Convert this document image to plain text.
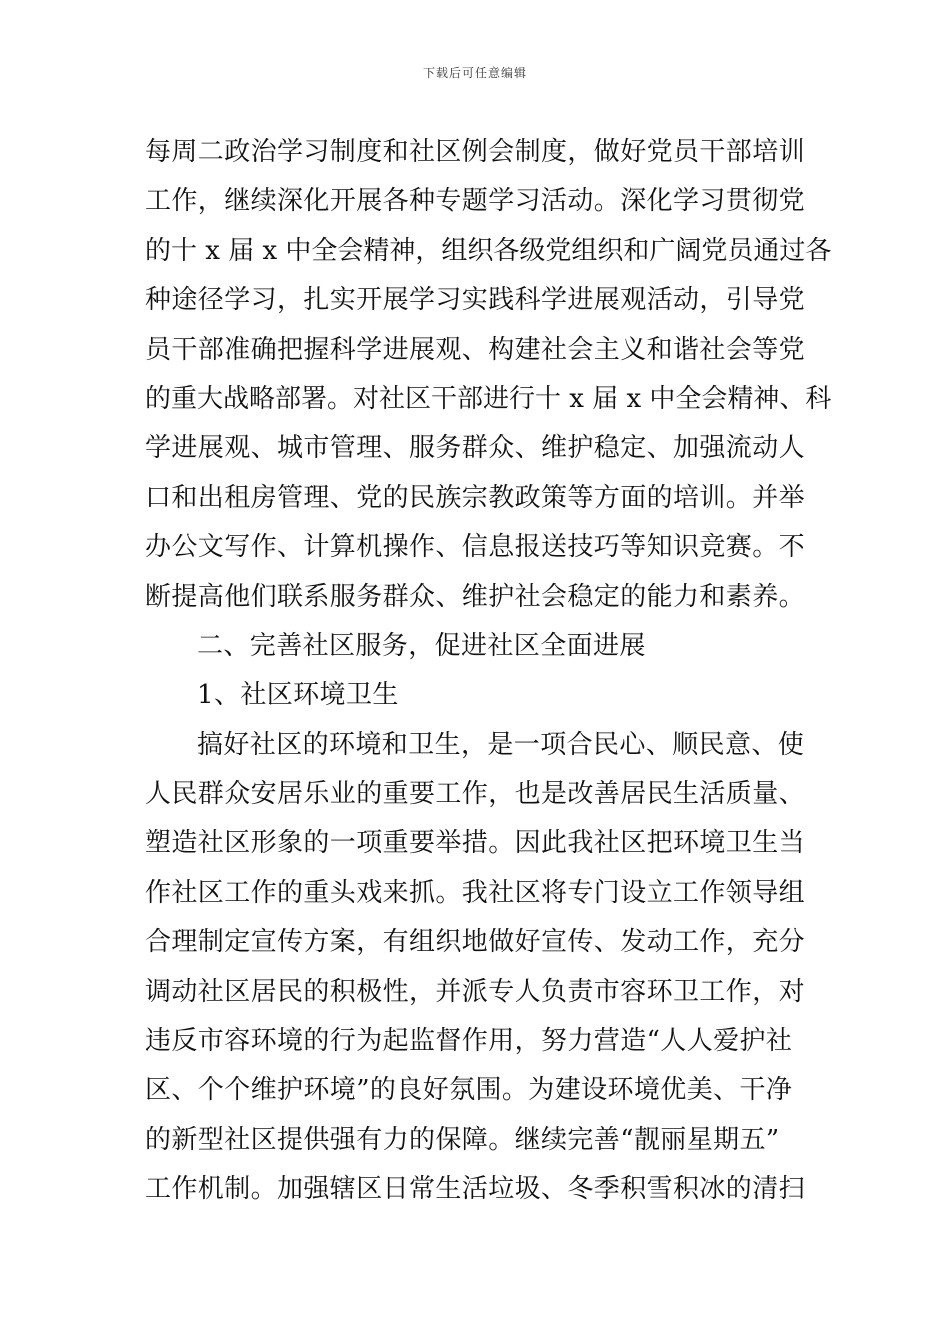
下载后可任意编辑
每周二政治学习制度和社区例会制度，做好党员干部培训
工作，继续深化开展各种专题学习活动。深化学习贯彻党
的十 x 届 x 中全会精神，组织各级党组织和广阔党员通过各
种途径学习，扎实开展学习实践科学进展观活动，引导党
员干部准确把握科学进展观、构建社会主义和谐社会等党
的重大战略部署。对社区干部进行十 x 届 x 中全会精神、科
学进展观、城市管理、服务群众、维护稳定、加强流动人
口和出租房管理、党的民族宗教政策等方面的培训。并举
办公文写作、计算机操作、信息报送技巧等知识竞赛。不
断提高他们联系服务群众、维护社会稳定的能力和素养。
二、完善社区服务，促进社区全面进展
1、社区环境卫生
搞好社区的环境和卫生，是一项合民心、顺民意、使
人民群众安居乐业的重要工作，也是改善居民生活质量、
塑造社区形象的一项重要举措。因此我社区把环境卫生当
作社区工作的重头戏来抓。我社区将专门设立工作领导组
合理制定宣传方案，有组织地做好宣传、发动工作，充分
调动社区居民的积极性，并派专人负责市容环卫工作，对
违反市容环境的行为起监督作用，努力营造“人人爱护社
区、个个维护环境”的良好氛围。为建设环境优美、干净
的新型社区提供强有力的保障。继续完善“靓丽星期五”
工作机制。加强辖区日常生活垃圾、冬季积雪积冰的清扫
